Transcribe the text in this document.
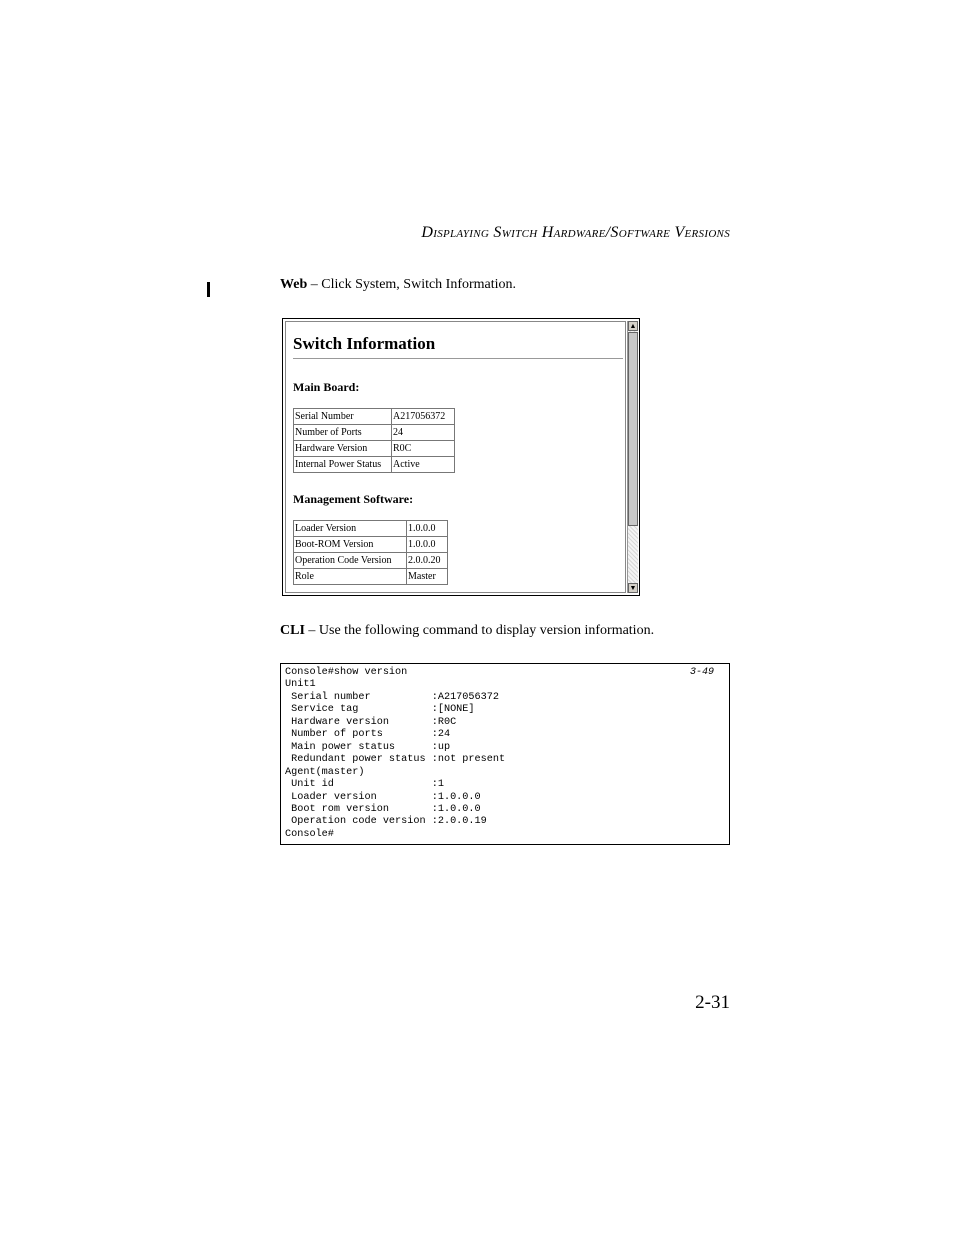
DISPLAYING SWITCH HARDWARE/SOFTWARE VERSIONS
Web – Click System, Switch Information.
Switch Information
Main Board:
Serial Number	A217056372
Number of Ports	24
Hardware Version	R0C
Internal Power Status	Active
Management Software:
Loader Version	1.0.0.0
Boot-ROM Version	1.0.0.0
Operation Code Version	2.0.0.20
Role	Master
▲
▼
CLI – Use the following command to display version information.
Console#show version
Unit1
Serial number          :A217056372
Service tag            :[NONE]
Hardware version       :R0C
Number of ports        :24
Main power status      :up
Redundant power status :not present
Agent(master)
Unit id                :1
Loader version         :1.0.0.0
Boot rom version       :1.0.0.0
Operation code version :2.0.0.19
Console#
3-49
2-31
